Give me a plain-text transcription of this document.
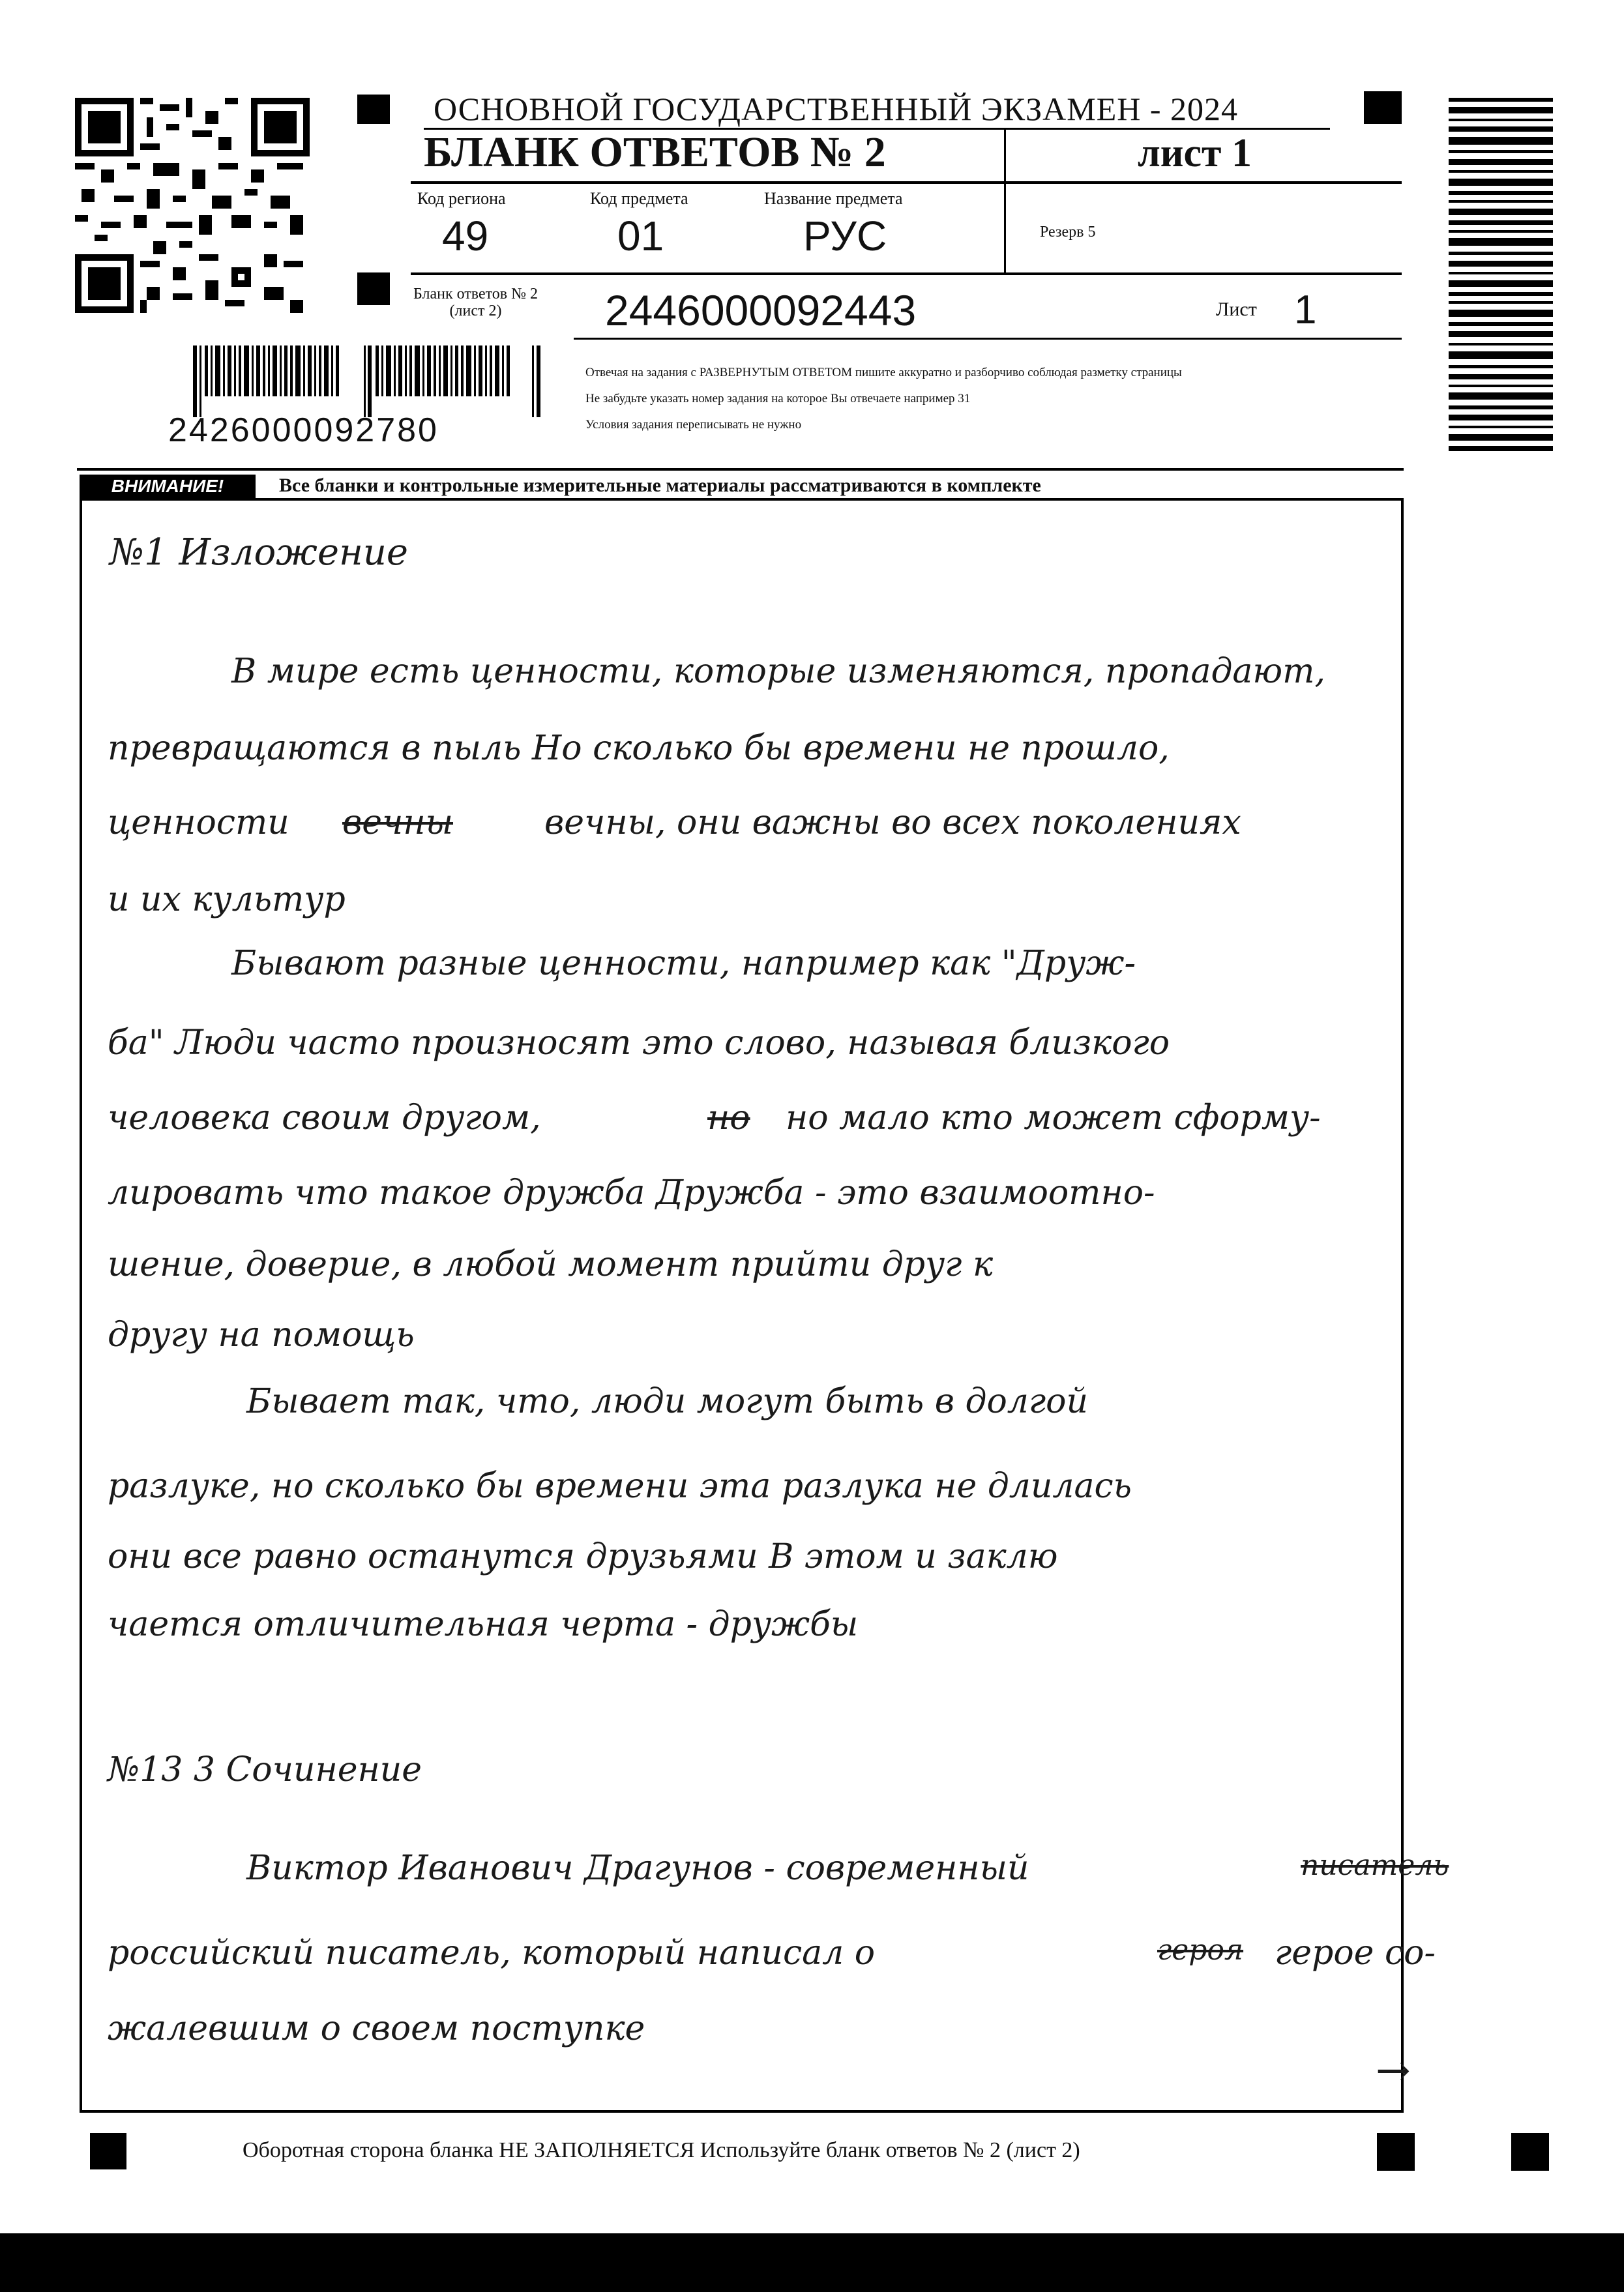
ОСНОВНОЙ ГОСУДАРСТВЕННЫЙ ЭКЗАМЕН - 2024
БЛАНК ОТВЕТОВ № 2	лист 1
Код региона
49
Код предмета
01
Название предмета
РУС	Резерв 5
Бланк ответов № 2
(лист 2)	2446000092443	Лист 1
2426000092780
Отвечая на задания с РАЗВЕРНУТЫМ ОТВЕТОМ пишите аккуратно и разборчиво соблюдая разметку страницы
Не забудьте указать номер задания на которое Вы отвечаете например 31
Условия задания переписывать не нужно
ВНИМАНИЕ!	Все бланки и контрольные измерительные материалы рассматриваются в комплекте
№1 Изложение
В мире есть ценности, которые изменяются, пропадают,
превращаются в пыль Но сколько бы времени не прошло,
ценности вечны	вечны, они важны во всех поколениях
и их культур
Бывают разные ценности, например как "Друж-
ба" Люди часто произносят это слово, называя близкого
человека своим другом,	но но мало кто может сформу-
лировать что такое дружба Дружба - это взаимоотно-
шение, доверие, в любой момент прийти друг к
другу на помощь
Бывает так, что, люди могут быть в долгой
разлуке, но сколько бы времени эта разлука не длилась
они все равно останутся друзьями В этом и заклю
чается отличительная черта - дружбы
№13 3 Сочинение
Виктор Иванович Драгунов - современный	писатель
российский писатель, который написал о	героя герое со-
жалевшим о своем поступке
→
Оборотная сторона бланка НЕ ЗАПОЛНЯЕТСЯ Используйте бланк ответов № 2 (лист 2)
